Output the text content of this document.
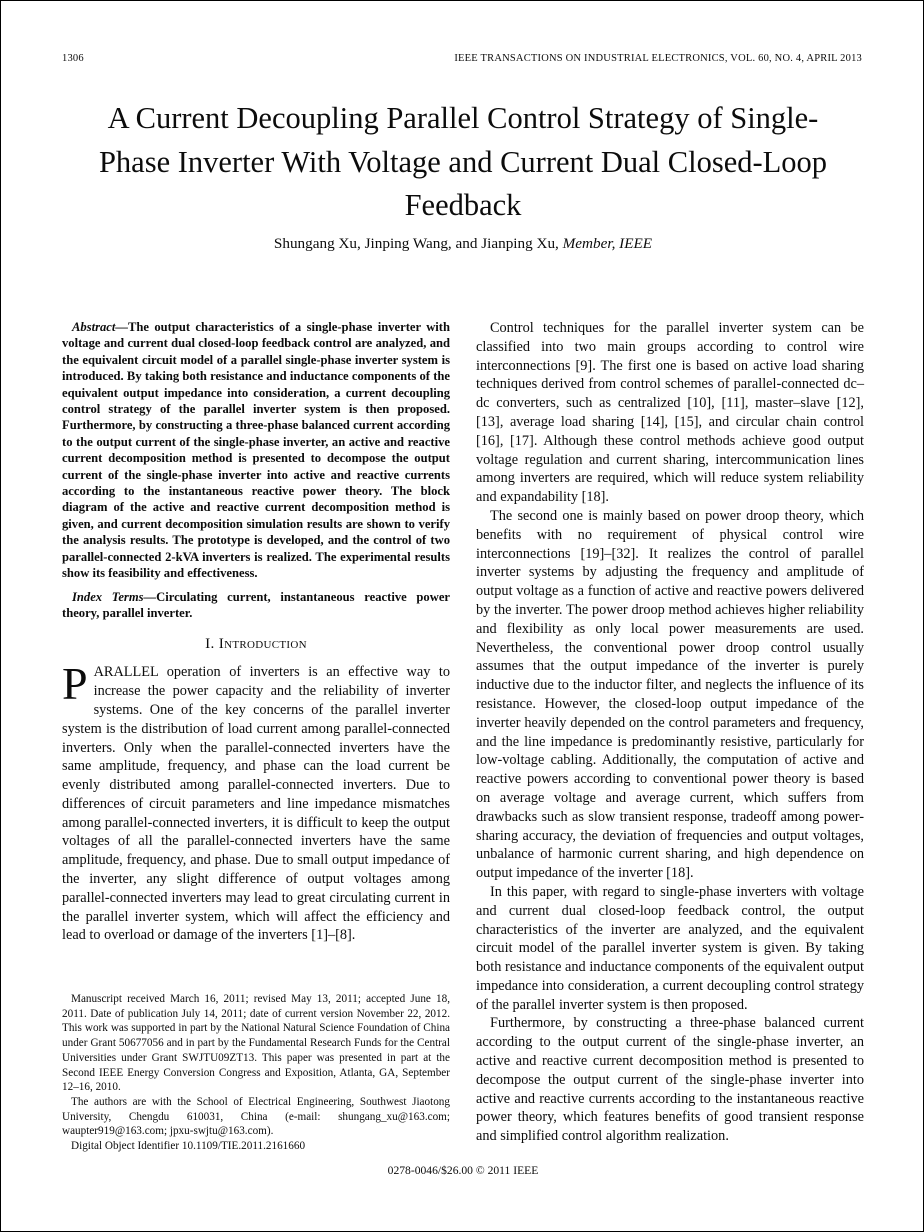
1306	IEEE TRANSACTIONS ON INDUSTRIAL ELECTRONICS, VOL. 60, NO. 4, APRIL 2013
A Current Decoupling Parallel Control Strategy of Single-Phase Inverter With Voltage and Current Dual Closed-Loop Feedback
Shungang Xu, Jinping Wang, and Jianping Xu, Member, IEEE

Abstract—The output characteristics of a single-phase inverter with voltage and current dual closed-loop feedback control are analyzed, and the equivalent circuit model of a parallel single-phase inverter system is introduced. By taking both resistance and inductance components of the equivalent output impedance into consideration, a current decoupling control strategy of the parallel inverter system is then proposed. Furthermore, by constructing a three-phase balanced current according to the output current of the single-phase inverter, an active and reactive current decomposition method is presented to decompose the output current of the single-phase inverter into active and reactive currents according to the instantaneous reactive power theory. The block diagram of the active and reactive current decomposition method is given, and current decomposition simulation results are shown to verify the analysis results. The prototype is developed, and the control of two parallel-connected 2-kVA inverters is realized. The experimental results show its feasibility and effectiveness.

Index Terms—Circulating current, instantaneous reactive power theory, parallel inverter.

I. Introduction

PARALLEL operation of inverters is an effective way to increase the power capacity and the reliability of inverter systems. One of the key concerns of the parallel inverter system is the distribution of load current among parallel-connected inverters. Only when the parallel-connected inverters have the same amplitude, frequency, and phase can the load current be evenly distributed among parallel-connected inverters. Due to differences of circuit parameters and line impedance mismatches among parallel-connected inverters, it is difficult to keep the output voltages of all the parallel-connected inverters have the same amplitude, frequency, and phase. Due to small output impedance of the inverter, any slight difference of output voltages among parallel-connected inverters may lead to great circulating current in the parallel inverter system, which will affect the efficiency and lead to overload or damage of the inverters [1]–[8].

Control techniques for the parallel inverter system can be classified into two main groups according to control wire interconnections [9]. The first one is based on active load sharing techniques derived from control schemes of parallel-connected dc–dc converters, such as centralized [10], [11], master–slave [12], [13], average load sharing [14], [15], and circular chain control [16], [17]. Although these control methods achieve good output voltage regulation and current sharing, intercommunication lines among inverters are required, which will reduce system reliability and expandability [18].

The second one is mainly based on power droop theory, which benefits with no requirement of physical control wire interconnections [19]–[32]. It realizes the control of parallel inverter systems by adjusting the frequency and amplitude of output voltage as a function of active and reactive powers delivered by the inverter. The power droop method achieves higher reliability and flexibility as only local power measurements are used. Nevertheless, the conventional power droop control usually assumes that the output impedance of the inverter is purely inductive due to the inductor filter, and neglects the influence of its resistance. However, the closed-loop output impedance of the inverter heavily depended on the control parameters and frequency, and the line impedance is predominantly resistive, particularly for low-voltage cabling. Additionally, the computation of active and reactive powers according to conventional power theory is based on average voltage and average current, which suffers from drawbacks such as slow transient response, tradeoff among power-sharing accuracy, the deviation of frequencies and output voltages, unbalance of harmonic current sharing, and high dependence on output impedance of the inverter [18].

In this paper, with regard to single-phase inverters with voltage and current dual closed-loop feedback control, the output characteristics of the inverter are analyzed, and the equivalent circuit model of the parallel inverter system is given. By taking both resistance and inductance components of the equivalent output impedance into consideration, a current decoupling control strategy of the parallel inverter system is then proposed.

Furthermore, by constructing a three-phase balanced current according to the output current of the single-phase inverter, an active and reactive current decomposition method is presented to decompose the output current of the single-phase inverter into active and reactive currents according to the instantaneous reactive power theory, which features benefits of good transient response and simplified control algorithm realization.

Manuscript received March 16, 2011; revised May 13, 2011; accepted June 18, 2011. Date of publication July 14, 2011; date of current version November 22, 2012. This work was supported in part by the National Natural Science Foundation of China under Grant 50677056 and in part by the Fundamental Research Funds for the Central Universities under Grant SWJTU09ZT13. This paper was presented in part at the Second IEEE Energy Conversion Congress and Exposition, Atlanta, GA, September 12–16, 2010.

The authors are with the School of Electrical Engineering, Southwest Jiaotong University, Chengdu 610031, China (e-mail: shungang_xu@163.com; waupter919@163.com; jpxu-swjtu@163.com).

Digital Object Identifier 10.1109/TIE.2011.2161660

0278-0046/$26.00 © 2011 IEEE
